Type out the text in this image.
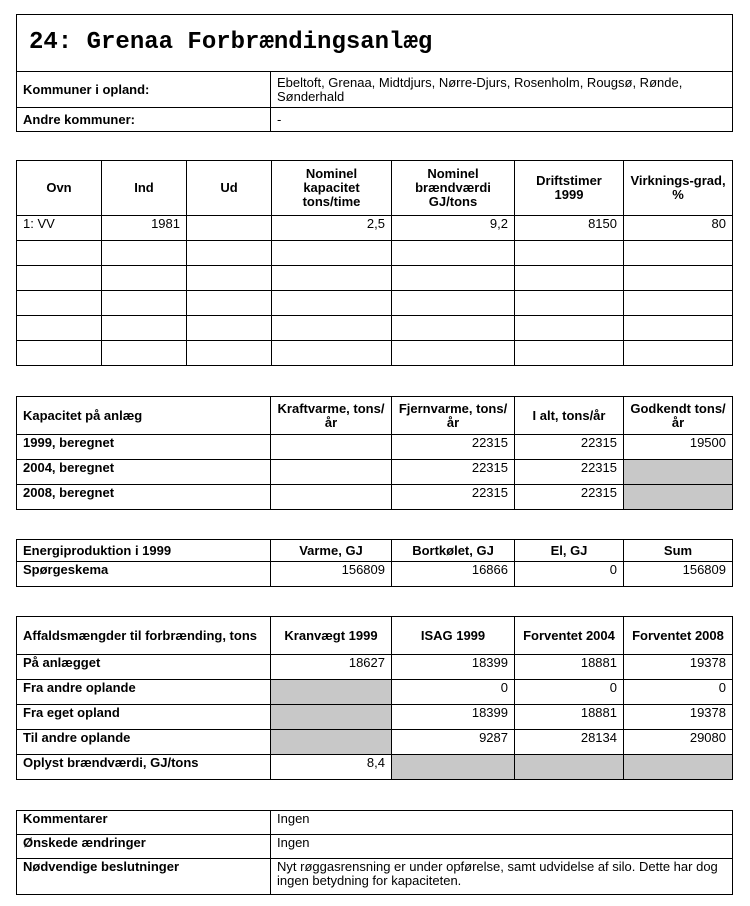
24: Grenaa Forbrændingsanlæg	
Kommuner i opland:	Ebeltoft, Grenaa, Midtdjurs, Nørre-Djurs, Rosenholm, Rougsø, Rønde, Sønderhald
Andre kommuner:	-
Ovn	Ind	Ud	Nominel kapacitet tons/time	Nominel brændværdi GJ/tons	Driftstimer 1999	Virknings-grad, %
1: VV	1981		2,5	9,2	8150	80

Kapacitet på anlæg	Kraftvarme, tons/år	Fjernvarme, tons/år	I alt, tons/år	Godkendt tons/år
1999, beregnet		22315	22315	19500
2004, beregnet		22315	22315	
2008, beregnet		22315	22315	
Energiproduktion i 1999	Varme, GJ	Bortkølet, GJ	El, GJ	Sum
Spørgeskema	156809	16866	0	156809
Affaldsmængder til forbrænding, tons	Kranvægt 1999	ISAG 1999	Forventet 2004	Forventet 2008
På anlægget	18627	18399	18881	19378
Fra andre oplande		0	0	0
Fra eget opland		18399	18881	19378
Til andre oplande		9287	28134	29080
Oplyst brændværdi, GJ/tons	8,4			
Kommentarer	Ingen
Ønskede ændringer	Ingen
Nødvendige beslutninger	Nyt røggasrensning er under opførelse, samt udvidelse af silo. Dette har dog ingen betydning for kapaciteten.
